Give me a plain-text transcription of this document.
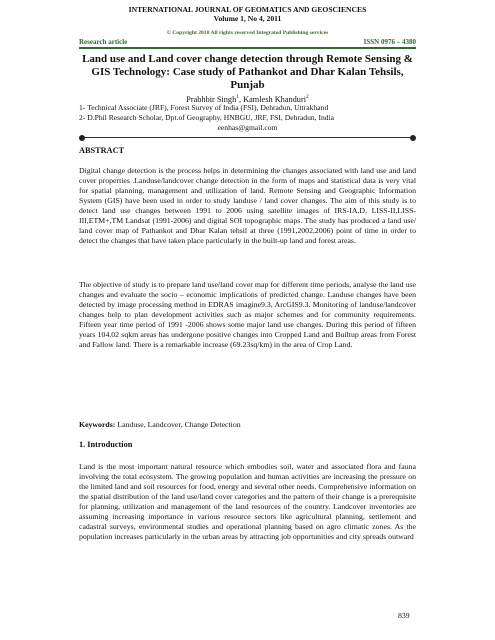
INTERNATIONAL JOURNAL OF GEOMATICS AND GEOSCIENCES
Volume 1, No 4, 2011
© Copyright 2010 All rights reserved Integrated Publishing services
Research article	ISSN 0976 – 4380
Land use and Land cover change detection through Remote Sensing & GIS Technology: Case study of Pathankot and Dhar Kalan Tehsils, Punjab
Prabhbir Singh$^1$, Kamlesh Khanduri$^2$
1- Technical Associate (JRF), Forest Survey of India (FSI), Dehradun, Uttrakhand
2- D.Phil Research Scholar, Dpt.of Geography, HNBGU, JRF, FSI, Dehradun, India
eenhas@gmail.com
ABSTRACT
Digital change detection is the process helps in determining the changes associated with land use and land cover properties .Landuse/landcover change detection in the form of maps and statistical data is very vital for spatial planning, management and utilization of land. Remote Sensing and Geographic Information System (GIS) have been used in order to study landuse / land cover changes. The aim of this study is to detect land use changes between 1991 to 2006 using satellite images of IRS-IA,D, LISS-II,LISS-III,ETM+,TM Landsat (1991-2006) and digital SOI topographic maps. The study has produced a land use/ land cover map of Pathankot and Dhar Kalan tehsil at three (1991,2002,2006) point of time in order to detect the changes that have taken place particularly in the built-up land and forest areas.
The objective of study is to prepare land use/land cover map for different time periods, analyse the land use changes and evaluate the socio – economic implications of predicted change. Landuse changes have been detected by image processing method in EDRAS imagine9.3, ArcGIS9.3. Monitoring of landuse/landcover changes help to plan development activities such as major schemes and for community requirements. Fifteen year time period of 1991 -2006 shows some major land use changes. During this period of fifteen years 104.02 sqkm areas has undergone positive changes into Cropped Land and Builtup areas from Forest and Fallow land. There is a remarkable increase (69.23sq/km) in the area of Crop Land.
Keywords: Landuse, Landcover, Change Detection
1. Introduction
Land is the most important natural resource which embodies soil, water and associated flora and fauna involving the total ecosystem. The growing population and human activities are increasing the pressure on the limited land and soil resources for food, energy and several other needs. Comprehensive information on the spatial distribution of the land use/land cover categories and the pattern of their change is a prerequisite for planning, utilization and management of the land resources of the country. Landcover inventories are assuming increasing importance in various resource sectors like agricultural planning, settlement and cadastral surveys, environmental studies and operational planning based on agro climatic zones. As the population increases particularly in the urban areas by attracting job opportunities and city spreads outward
839
